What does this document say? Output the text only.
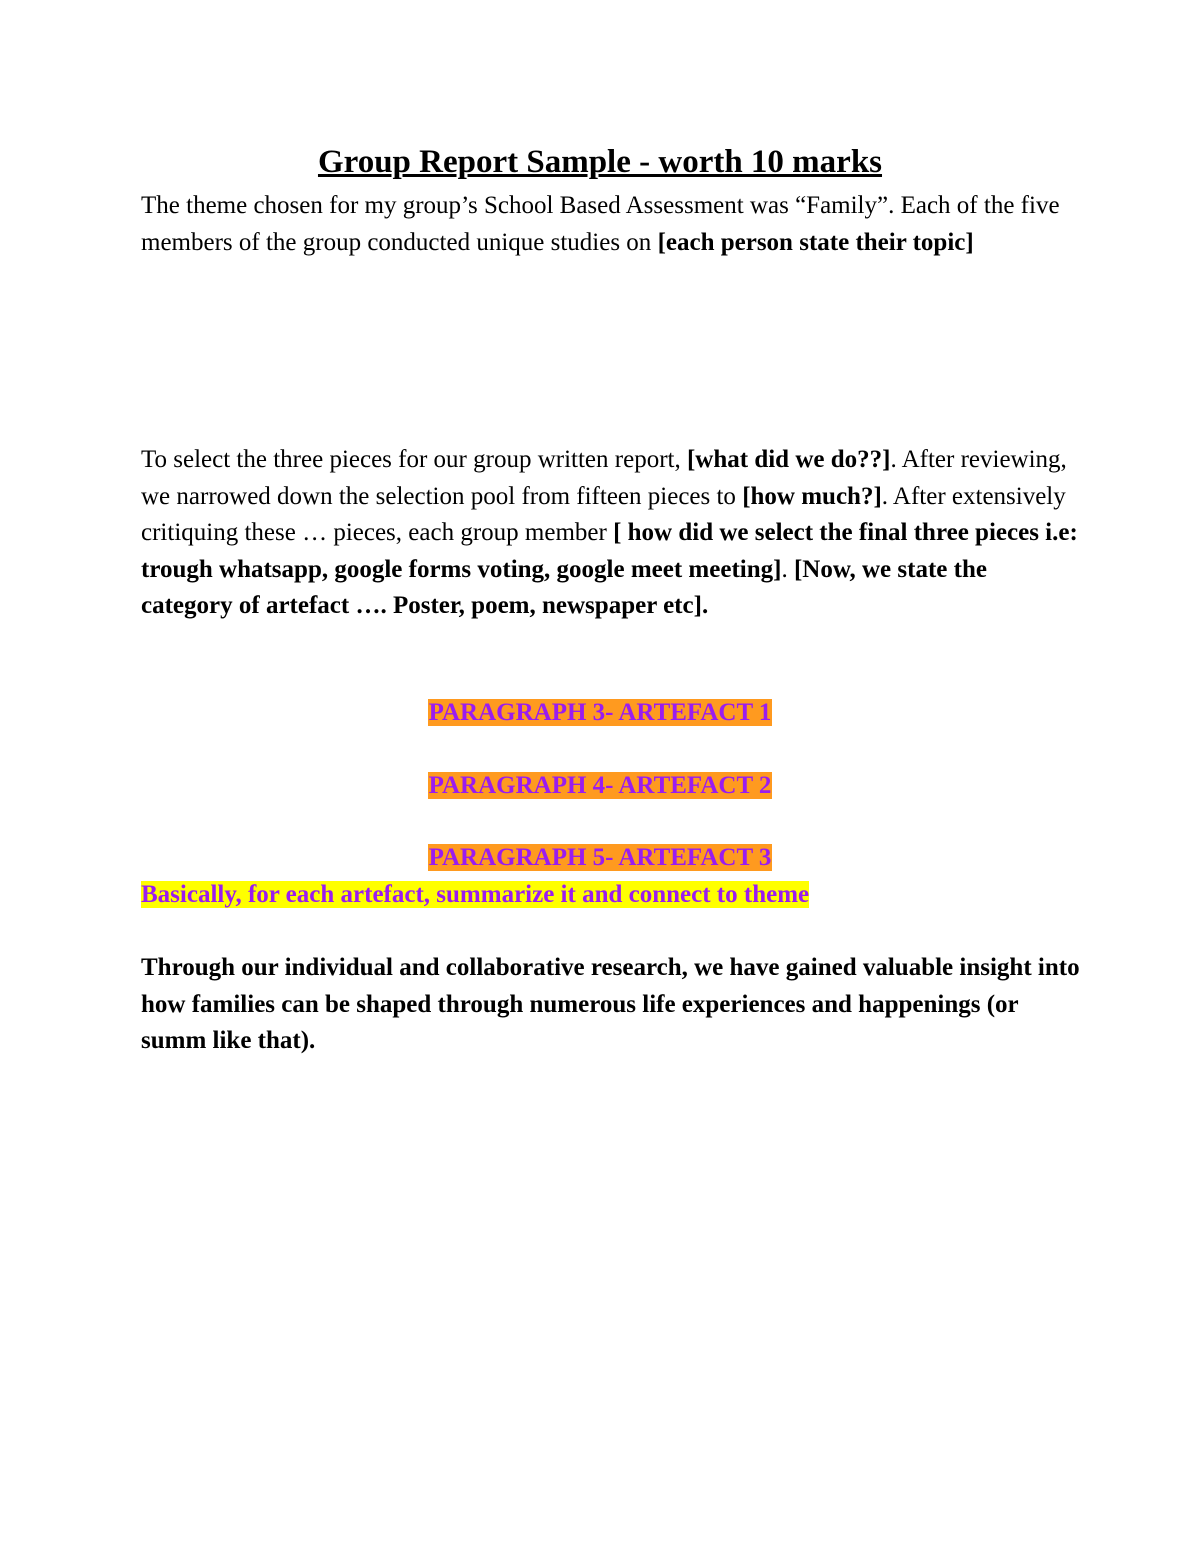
Group Report Sample - worth 10 marks

The theme chosen for my group’s School Based Assessment was “Family”. Each of the five members of the group conducted unique studies on [each person state their topic]

To select the three pieces for our group written report, [what did we do??]. After reviewing, we narrowed down the selection pool from fifteen pieces to [how much?]. After extensively critiquing these … pieces, each group member [ how did we select the final three pieces i.e: trough whatsapp, google forms voting, google meet meeting]. [Now, we state the category of artefact …. Poster, poem, newspaper etc].

PARAGRAPH 3- ARTEFACT 1
PARAGRAPH 4- ARTEFACT 2
PARAGRAPH 5- ARTEFACT 3
Basically, for each artefact, summarize it and connect to theme

Through our individual and collaborative research, we have gained valuable insight into how families can be shaped through numerous life experiences and happenings (or summ like that).
